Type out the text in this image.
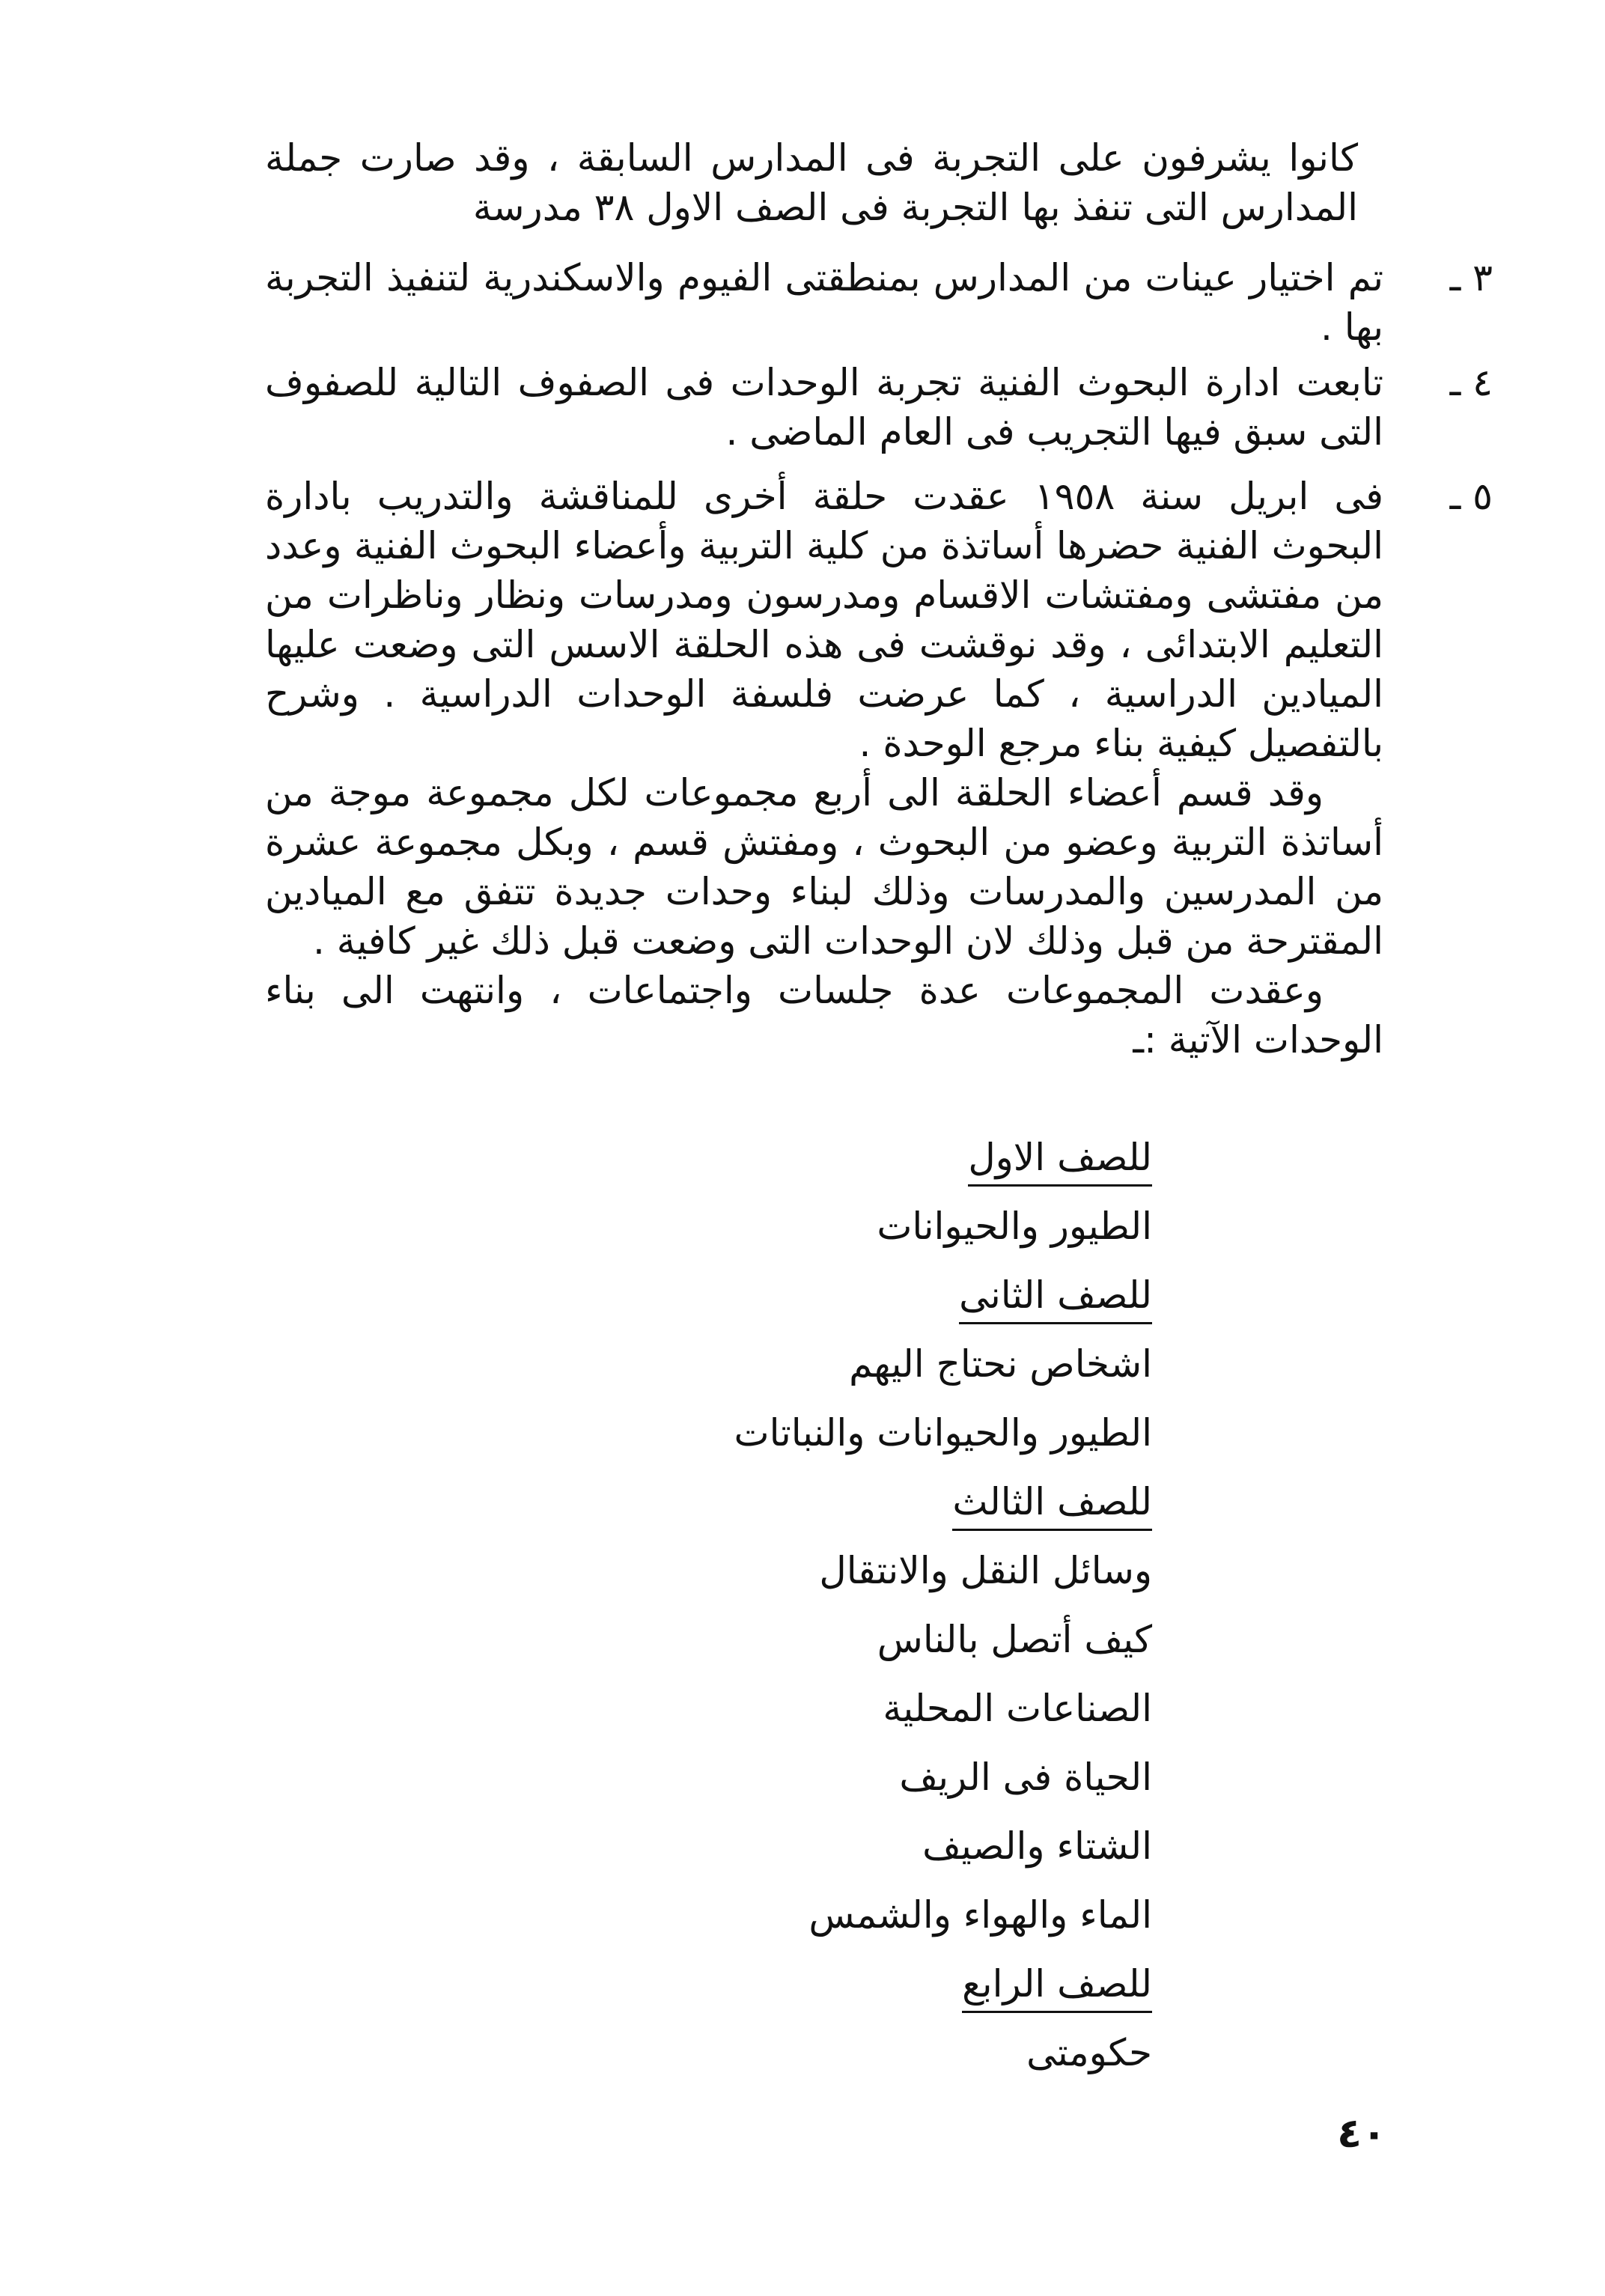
كانوا يشرفون على التجربة فى المدارس السابقة ، وقد صارت جملة المدارس التى تنفذ بها التجربة فى الصف الاول ٣٨ مدرسة

٣ ـ

تم اختيار عينات من المدارس بمنطقتى الفيوم والاسكندرية لتنفيذ التجربة بها .

٤ ـ

تابعت ادارة البحوث الفنية تجربة الوحدات فى الصفوف التالية للصفوف التى سبق فيها التجريب فى العام الماضى .

٥ ـ

فى ابريل سنة ١٩٥٨ عقدت حلقة أخرى للمناقشة والتدريب بادارة البحوث الفنية حضرها أساتذة من كلية التربية وأعضاء البحوث الفنية وعدد من مفتشى ومفتشات الاقسام ومدرسون ومدرسات ونظار وناظرات من التعليم الابتدائى ، وقد نوقشت فى هذه الحلقة الاسس التى وضعت عليها الميادين الدراسية ، كما عرضت فلسفة الوحدات الدراسية . وشرح بالتفصيل كيفية بناء مرجع الوحدة .

وقد قسم أعضاء الحلقة الى أربع مجموعات لكل مجموعة موجة من أساتذة التربية وعضو من البحوث ، ومفتش قسم ، وبكل مجموعة عشرة من المدرسين والمدرسات وذلك لبناء وحدات جديدة تتفق مع الميادين المقترحة من قبل وذلك لان الوحدات التى وضعت قبل ذلك غير كافية .

وعقدت المجموعات عدة جلسات واجتماعات ، وانتهت الى بناء الوحدات الآتية :ـ

للصف الاول
الطيور والحيوانات
للصف الثانى
اشخاص نحتاج اليهم
الطيور والحيوانات والنباتات
للصف الثالث
وسائل النقل والانتقال
كيف أتصل بالناس
الصناعات المحلية
الحياة فى الريف
الشتاء والصيف
الماء والهواء والشمس
للصف الرابع
حكومتى
٤٠
